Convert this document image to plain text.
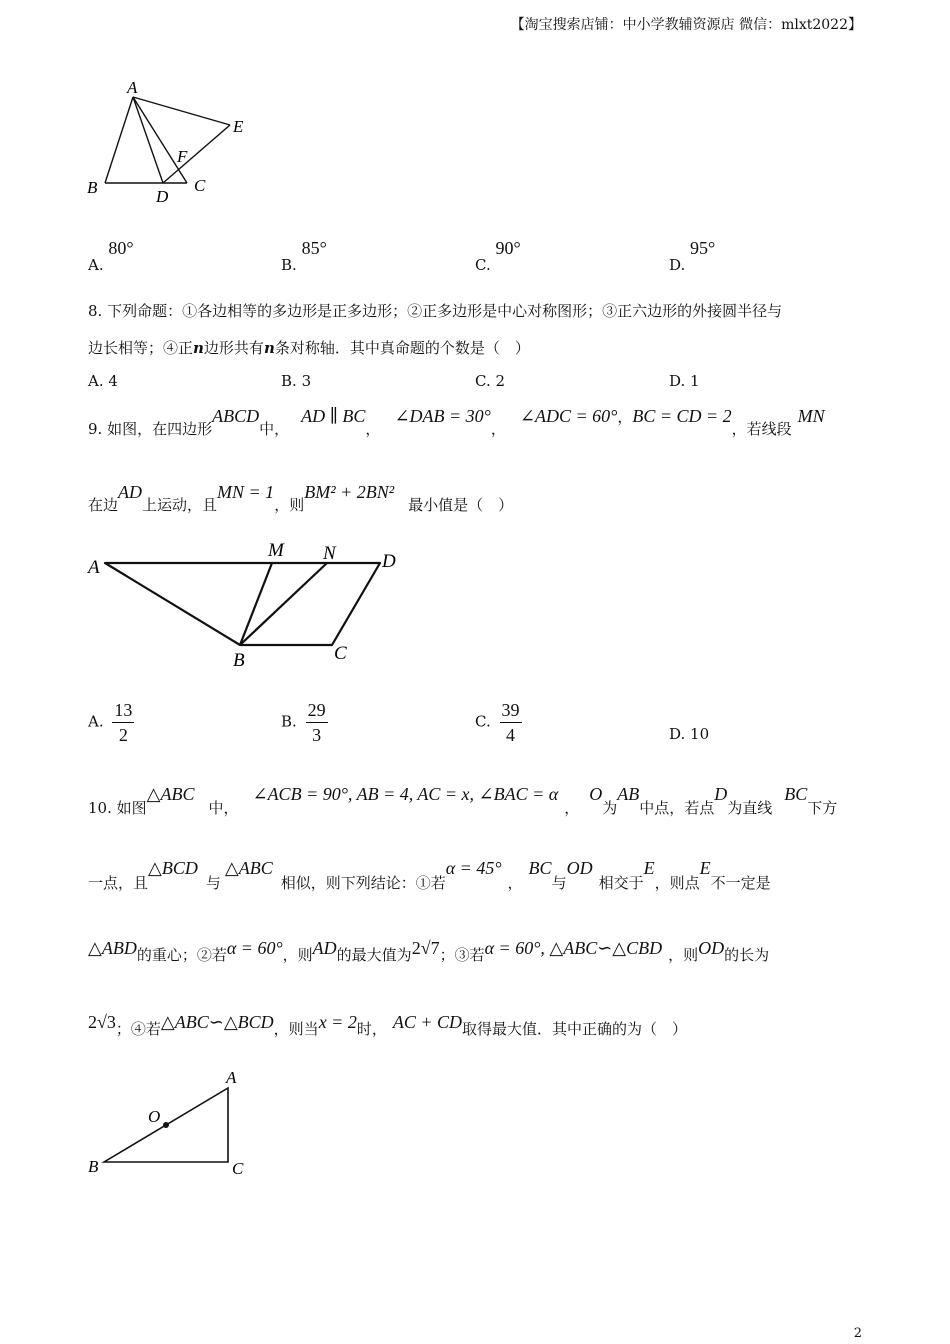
【淘宝搜索店铺：中小学教辅资源店 微信：mlxt2022】
A
E
F
B	D
C
A. 80°
B. 85°
C. 90°
D. 95°
8. 下列命题：①各边相等的多边形是正多边形；②正多边形是中心对称图形；③正六边形的外接圆半径与
边长相等；④正n边形共有n条对称轴．其中真命题的个数是（　）
A. 4	B. 3	C. 2	D. 1
9. 如图，在四边形ABCD中，AD ∥ BC，∠DAB = 30°，∠ADC = 60°，BC = CD = 2，若线段MN
在边AD上运动，且MN = 1，则BM² + 2BN²最小值是（　）
A
M N D
B	C
A. $\frac{13}{2}$	B. $\frac{29}{3}$	C. $\frac{39}{4}$	D. 10
10. 如图△ABC中，∠ACB = 90°, AB = 4, AC = x, ∠BAC = α，O为AB中点，若点D为直线BC下方
一点，且△BCD与△ABC相似，则下列结论：①若α = 45°，BC与OD相交于E，则点E不一定是
△ABD的重心；②若α = 60°，则AD的最大值为2√7；③若α = 60°, △ABC∽△CBD ，则OD的长为
2√3；④若△ABC∽△BCD，则当x = 2时， AC + CD取得最大值．其中正确的为（　）
A
O
B	C
2
